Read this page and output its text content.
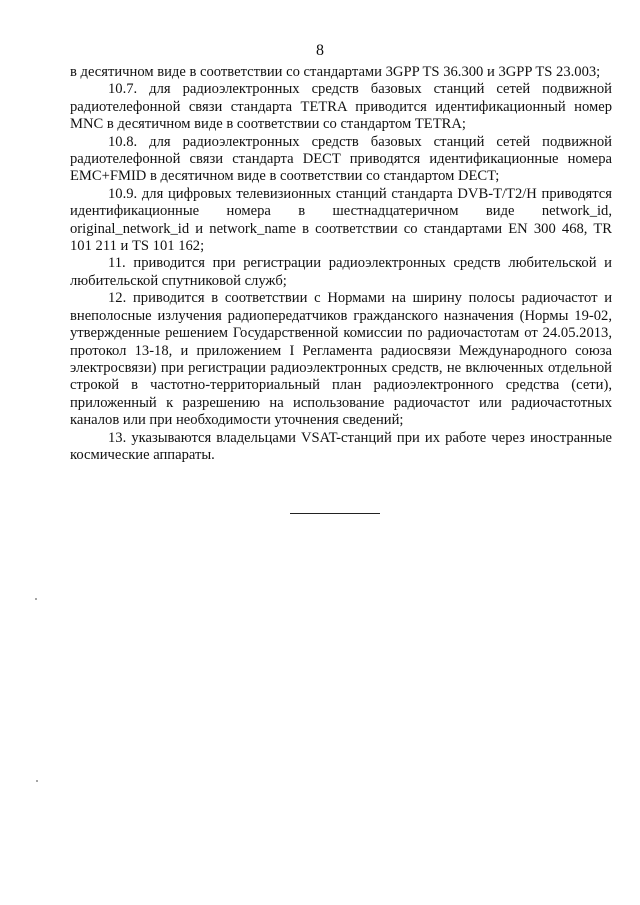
8

в десятичном виде в соответствии со стандартами 3GPP TS 36.300 и 3GPP TS 23.003;

10.7. для радиоэлектронных средств базовых станций сетей подвижной радиотелефонной связи стандарта TETRA приводится идентификационный номер MNC в десятичном виде в соответствии со стандартом TETRA;

10.8. для радиоэлектронных средств базовых станций сетей подвижной радиотелефонной связи стандарта DECT приводятся идентификационные номера EMC+FMID в десятичном виде в соответствии со стандартом DECT;

10.9. для цифровых телевизионных станций стандарта DVB-T/T2/H приводятся идентификационные номера в шестнадцатеричном виде network_id, original_network_id и network_name в соответствии со стандартами EN 300 468, TR 101 211 и TS 101 162;

11. приводится при регистрации радиоэлектронных средств любительской и любительской спутниковой служб;

12. приводится в соответствии с Нормами на ширину полосы радиочастот и внеполосные излучения радиопередатчиков гражданского назначения (Нормы 19-02, утвержденные решением Государственной комиссии по радиочастотам от 24.05.2013, протокол 13-18, и приложением I Регламента радиосвязи Международного союза электросвязи) при регистрации радиоэлектронных средств, не включенных отдельной строкой в частотно-территориальный план радиоэлектронного средства (сети), приложенный к разрешению на использование радиочастот или радиочастотных каналов или при необходимости уточнения сведений;

13. указываются владельцами VSAT-станций при их работе через иностранные космические аппараты.
